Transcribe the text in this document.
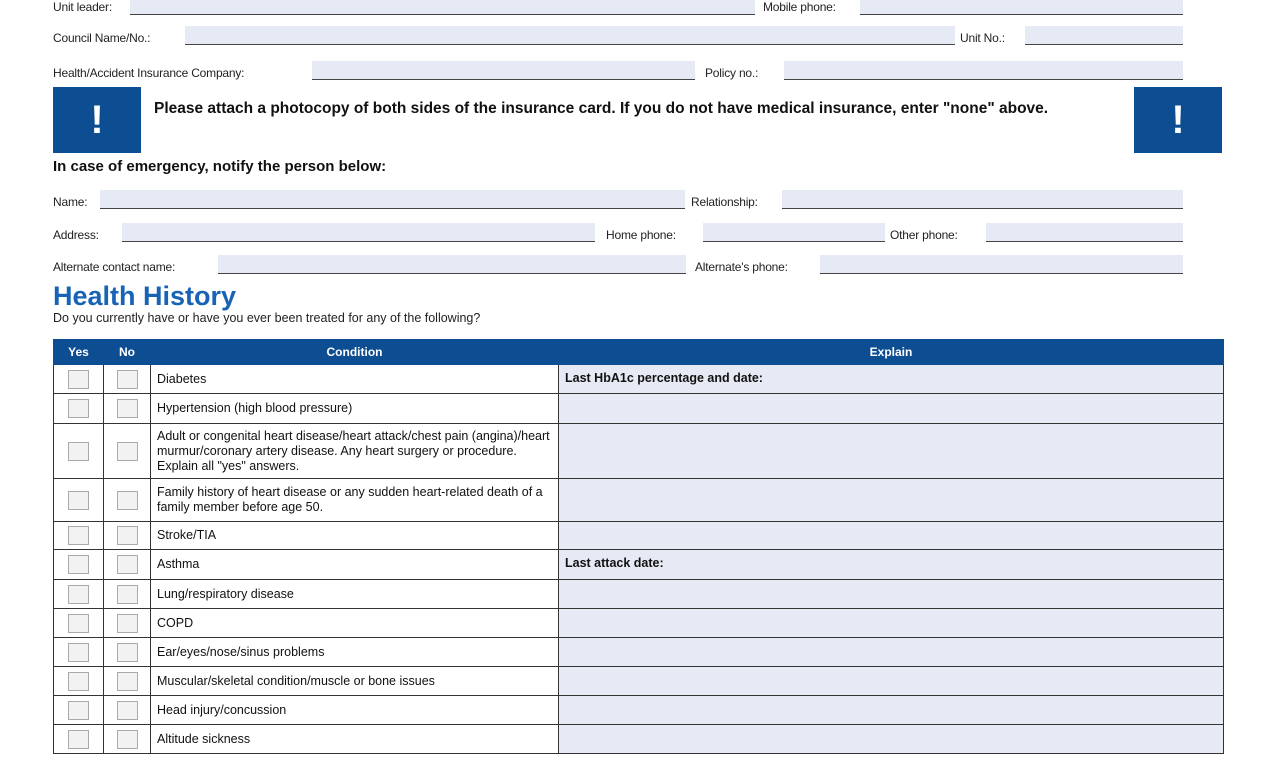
Unit leader:	Mobile phone:
Council Name/No.:	Unit No.:
Health/Accident Insurance Company:	Policy no.:
!	Please attach a photocopy of both sides of the insurance card. If you do not have medical insurance, enter "none" above.	!
In case of emergency, notify the person below:
Name:	Relationship:
Address:	Home phone:	Other phone:
Alternate contact name:	Alternate's phone:
Health History
Do you currently have or have you ever been treated for any of the following?
Yes	No	Condition	Explain
		Diabetes	Last HbA1c percentage and date:
		Hypertension (high blood pressure)	
		Adult or congenital heart disease/heart attack/chest pain (angina)/heart murmur/coronary artery disease. Any heart surgery or procedure. Explain all "yes" answers.	
		Family history of heart disease or any sudden heart-related death of a family member before age 50.	
		Stroke/TIA	
		Asthma	Last attack date:
		Lung/respiratory disease	
		COPD	
		Ear/eyes/nose/sinus problems	
		Muscular/skeletal condition/muscle or bone issues	
		Head injury/concussion	
		Altitude sickness	
